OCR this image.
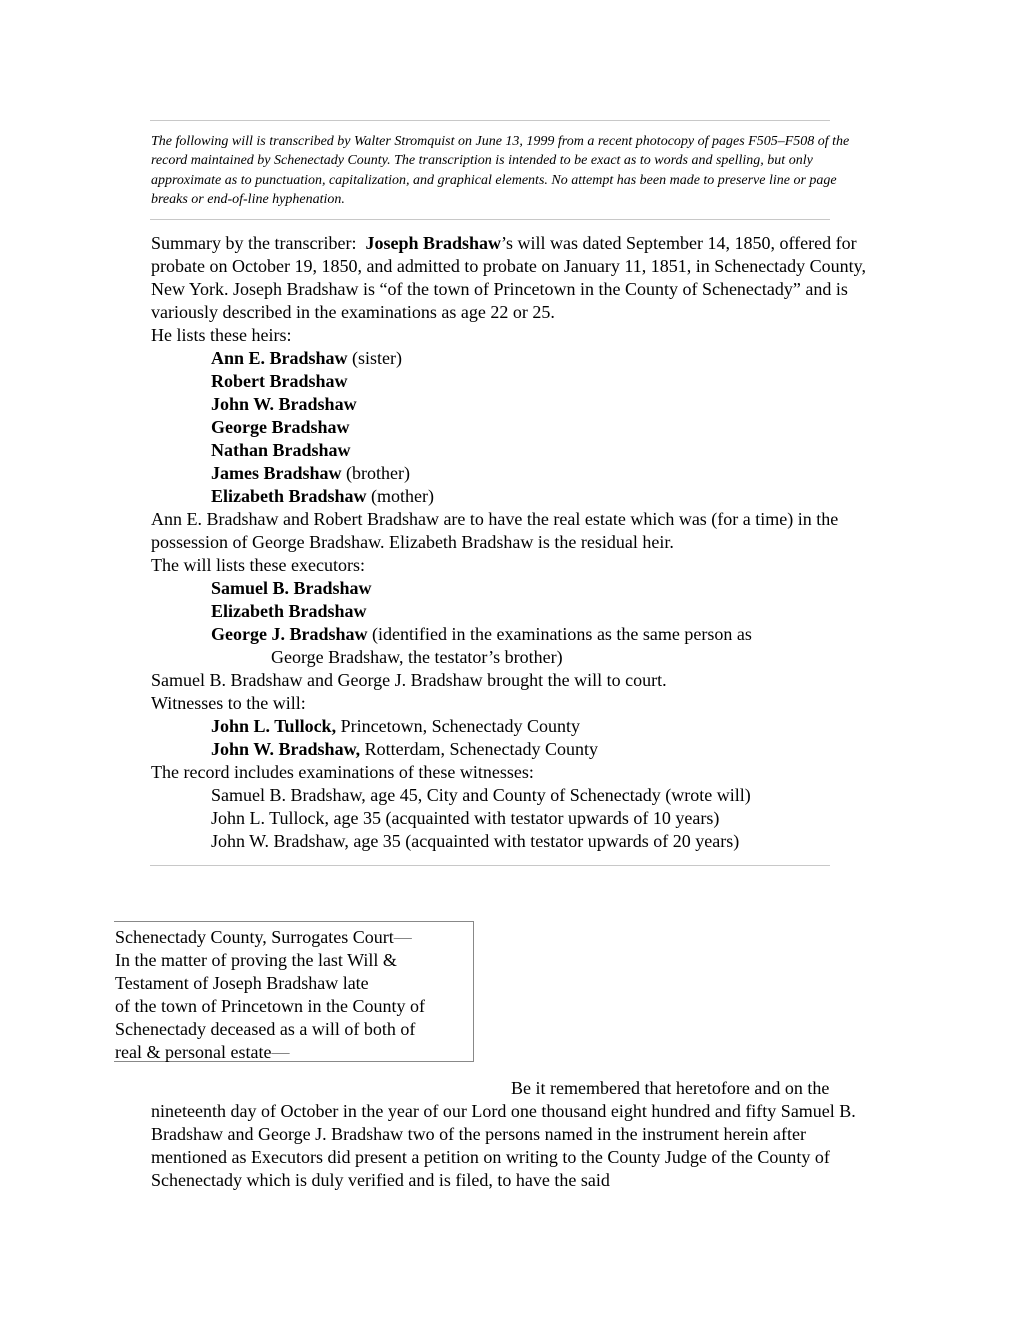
The following will is transcribed by Walter Stromquist on June 13, 1999 from a recent photocopy of pages F505–F508 of the record maintained by Schenectady County. The transcription is intended to be exact as to words and spelling, but only approximate as to punctuation, capitalization, and graphical elements. No attempt has been made to preserve line or page breaks or end-of-line hyphenation.

Summary by the transcriber: Joseph Bradshaw’s will was dated September 14, 1850, offered for probate on October 19, 1850, and admitted to probate on January 11, 1851, in Schenectady County, New York. Joseph Bradshaw is “of the town of Princetown in the County of Schenectady” and is variously described in the examinations as age 22 or 25.

He lists these heirs:

Ann E. Bradshaw (sister)

Robert Bradshaw

John W. Bradshaw

George Bradshaw

Nathan Bradshaw

James Bradshaw (brother)

Elizabeth Bradshaw (mother)

Ann E. Bradshaw and Robert Bradshaw are to have the real estate which was (for a time) in the possession of George Bradshaw. Elizabeth Bradshaw is the residual heir.

The will lists these executors:

Samuel B. Bradshaw

Elizabeth Bradshaw

George J. Bradshaw (identified in the examinations as the same person as

George Bradshaw, the testator’s brother)

Samuel B. Bradshaw and George J. Bradshaw brought the will to court.

Witnesses to the will:

John L. Tullock, Princetown, Schenectady County

John W. Bradshaw, Rotterdam, Schenectady County

The record includes examinations of these witnesses:

Samuel B. Bradshaw, age 45, City and County of Schenectady (wrote will)

John L. Tullock, age 35 (acquainted with testator upwards of 10 years)

John W. Bradshaw, age 35 (acquainted with testator upwards of 20 years)

Schenectady County, Surrogates Court—

In the matter of proving the last Will &

Testament of Joseph Bradshaw late

of the town of Princetown in the County of

Schenectady deceased as a will of both of

real & personal estate—

Be it remembered that heretofore and on the
nineteenth day of October in the year of our Lord one thousand eight hundred and fifty Samuel B. Bradshaw and George J. Bradshaw two of the persons named in the instrument herein after mentioned as Executors did present a petition on writing to the County Judge of the County of Schenectady which is duly verified and is filed, to have the said
